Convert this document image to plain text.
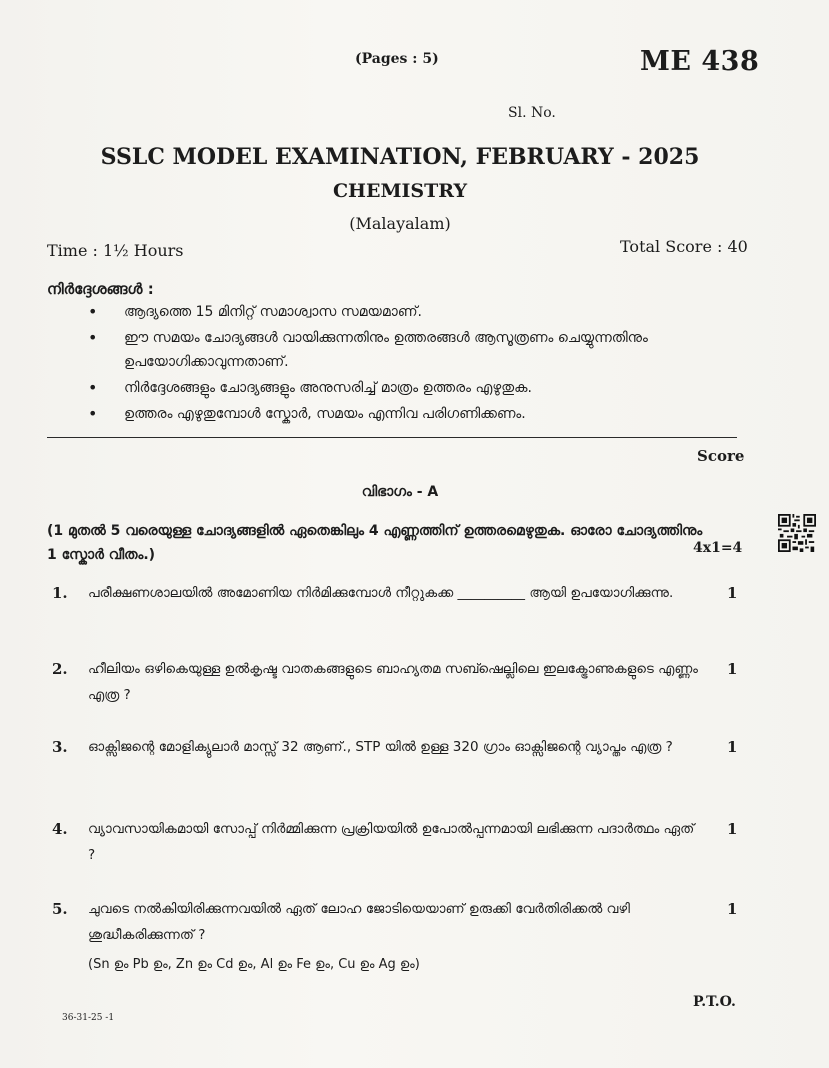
(Pages : 5)	ME 438
Sl. No.
SSLC MODEL EXAMINATION, FEBRUARY - 2025
CHEMISTRY
(Malayalam)
Time : 1½ Hours	Total Score : 40
നിർദ്ദേശങ്ങൾ :
• ആദ്യത്തെ 15 മിനിറ്റ് സമാശ്വാസ സമയമാണ്.
• ഈ സമയം ചോദ്യങ്ങൾ വായിക്കുന്നതിനും ഉത്തരങ്ങൾ ആസൂത്രണം ചെയ്യുന്നതിനും ഉപയോഗിക്കാവുന്നതാണ്.
• നിർദ്ദേശങ്ങളും ചോദ്യങ്ങളും അനുസരിച്ച് മാത്രം ഉത്തരം എഴുതുക.
• ഉത്തരം എഴുതുമ്പോൾ സ്കോർ, സമയം എന്നിവ പരിഗണിക്കണം.
Score
വിഭാഗം - A
(1 മുതൽ 5 വരെയുള്ള ചോദ്യങ്ങളിൽ ഏതെങ്കിലും 4 എണ്ണത്തിന് ഉത്തരമെഴുതുക. ഓരോ ചോദ്യത്തിനും 1 സ്കോർ വീതം.)	4x1=4
1. പരീക്ഷണശാലയിൽ അമോണിയ നിർമിക്കുമ്പോൾ നീറ്റുകക്ക __________ ആയി ഉപയോഗിക്കുന്നു.	1
2. ഹീലിയം ഒഴികെയുള്ള ഉൽകൃഷ്ട വാതകങ്ങളുടെ ബാഹ്യതമ സബ്ഷെല്ലിലെ ഇലക്ട്രോണുകളുടെ എണ്ണം എത്ര ?
1
3. ഓക്സിജന്റെ മോളിക്യുലാർ മാസ്സ് 32 ആണ്., STP യിൽ ഉള്ള 320 ഗ്രാം ഓക്സിജന്റെ വ്യാപ്തം എത്ര ?	1
4. വ്യാവസായികമായി സോപ്പ് നിർമ്മിക്കുന്ന പ്രക്രിയയിൽ ഉപോൽപ്പന്നമായി ലഭിക്കുന്ന പദാർത്ഥം ഏത് ?
1
5. ചുവടെ നൽകിയിരിക്കുന്നവയിൽ ഏത് ലോഹ ജോടിയെയാണ് ഉരുക്കി വേർതിരിക്കൽ വഴി ശുദ്ധീകരിക്കുന്നത് ?
(Sn ഉം Pb ഉം, Zn ഉം Cd ഉം, Al ഉം Fe ഉം, Cu ഉം Ag ഉം)
1
P.T.O.
36-31-25 -1
